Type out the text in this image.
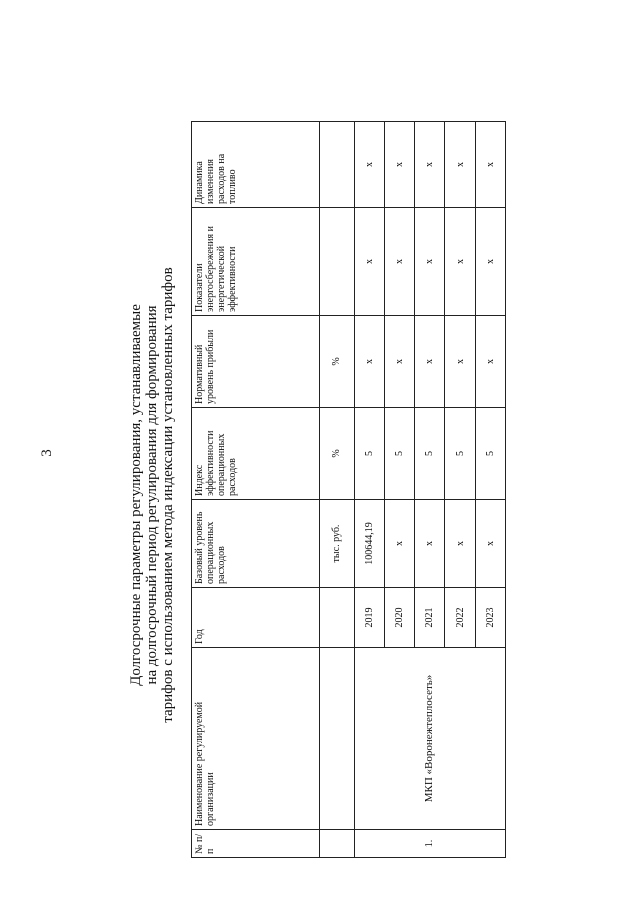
3	Долгосрочные параметры регулирования, устанавливаемые на долгосрочный период регулирования для формирования тарифов с использованием метода индексации установленных тарифов
№ п/п	Наименование регулируемой организации	Год	Базовый уровень операционных расходов	Индекс эффективности операционных расходов	Нормативный уровень прибыли	Показатели энергосбережения и энергетической эффективности	Динамика изменения расходов на топливо
			тыс. руб.	%	%		
1.	МКП «Воронежтеплосеть»	2019	100644,19	5	x	x	x
		2020	x	5	x	x	x
		2021	x	5	x	x	x
		2022	x	5	x	x	x
		2023	x	5	x	x	x
